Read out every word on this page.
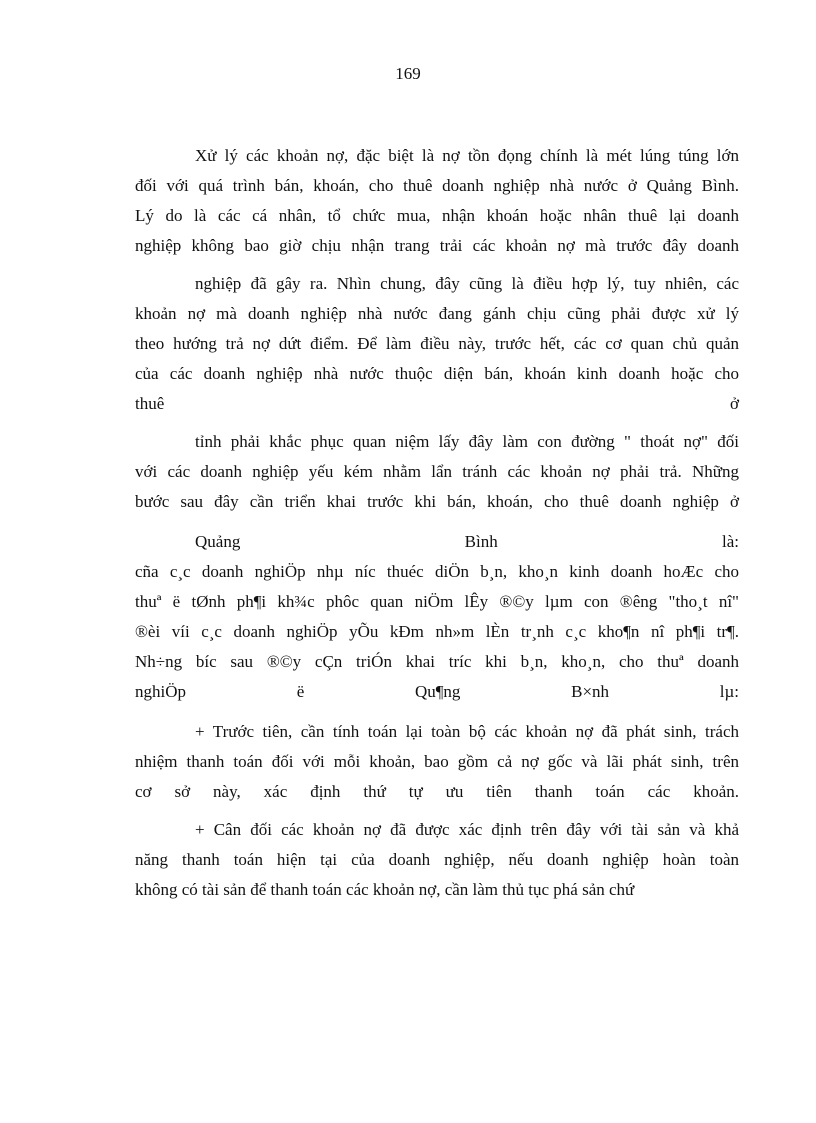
169
Xử lý các khoản nợ, đặc biệt là nợ tồn đọng chính là mét lúng túng lớn
đối với quá trình bán, khoán, cho thuê doanh nghiệp nhà nước ở Quảng Bình.
Lý do là các cá nhân, tổ chức mua, nhận khoán hoặc nhân thuê lại doanh
nghiệp không bao giờ chịu nhận trang trải các khoản nợ mà trước đây doanh
nghiệp đã gây ra. Nhìn chung, đây cũng là điều hợp lý, tuy nhiên, các
khoản nợ mà doanh nghiệp nhà nước đang gánh chịu cũng phải được xử lý
theo hướng trả nợ dứt điểm. Để làm điều này, trước hết, các cơ quan chủ quản
của các doanh nghiệp nhà nước thuộc diện bán, khoán kinh doanh hoặc cho
thuê ở
tỉnh phải khắc phục quan niệm lấy đây làm con đường " thoát nợ" đối
với các doanh nghiệp yếu kém nhằm lẩn tránh các khoản nợ phải trả. Những
bước sau đây cần triển khai trước khi bán, khoán, cho thuê doanh nghiệp ở
Quảng Bình là:
cña c¸c doanh nghiÖp nhµ níc thuéc diÖn b¸n, kho¸n kinh doanh hoÆc cho
thuª ë tØnh ph¶i kh¾c phôc quan niÖm lÊy ®©y lµm con ®êng "tho¸t nî"
®èi víi c¸c doanh nghiÖp yÕu kÐm nh»m lÈn tr¸nh c¸c kho¶n nî ph¶i tr¶.
Nh÷ng bíc sau ®©y cÇn triÓn khai tríc khi b¸n, kho¸n, cho thuª doanh
nghiÖp ë Qu¶ng B×nh lµ:
+ Trước tiên, cần tính toán lại toàn bộ các khoản nợ đã phát sinh, trách
nhiệm thanh toán đối với mỗi khoản, bao gồm cả nợ gốc và lãi phát sinh, trên
cơ sở này, xác định thứ tự ưu tiên thanh toán các khoản.
+ Cân đối các khoản nợ đã được xác định trên đây với tài sản và khả
năng thanh toán hiện tại của doanh nghiệp, nếu doanh nghiệp hoàn toàn
không có tài sản để thanh toán các khoản nợ, cần làm thủ tục phá sản chứ
